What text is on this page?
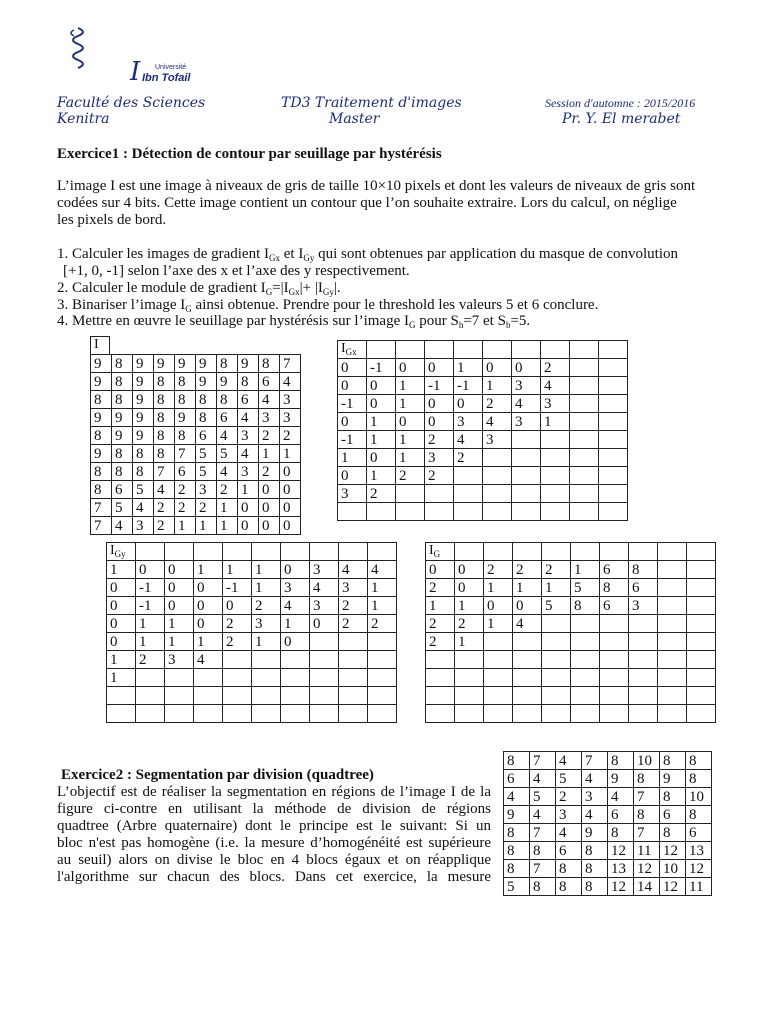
I Université
Ibn Tofail
Faculté des Sciences
Kenitra
TD3 Traitement d'images
Master
Session d'automne : 2015/2016
Pr. Y. El merabet
Exercice1 : Détection de contour par seuillage par hystérésis
L’image I est une image à niveaux de gris de taille 10×10 pixels et dont les valeurs de niveaux de gris sont codées sur 4 bits. Cette image contient un contour que l’on souhaite extraire. Lors du calcul, on néglige les pixels de bord.
1. Calculer les images de gradient $I_{Gx}$ et $I_{Gy}$ qui sont obtenues par application du masque de convolution
[+1, 0, -1] selon l’axe des x et l’axe des y respectivement.
2. Calculer le module de gradient $I_G=|I_{Gx}|+ |I_{Gy}|$.
3. Binariser l’image $I_G$ ainsi obtenue. Prendre pour le threshold les valeurs 5 et 6 conclure.
4. Mettre en œuvre le seuillage par hystérésis sur l’image $I_G$ pour $S_h=7$ et $S_b=5$.
I
9	8	9	9	9	9	8	9	8	7
9	8	9	8	8	9	9	8	6	4
8	8	9	8	8	8	8	6	4	3
9	9	9	8	9	8	6	4	3	3
8	9	9	8	8	6	4	3	2	2
9	8	8	8	7	5	5	4	1	1
8	8	8	7	6	5	4	3	2	0
8	6	5	4	2	3	2	1	0	0
7	5	4	2	2	2	1	0	0	0
7	4	3	2	1	1	1	0	0	0
$I_{Gx}$

0	-1	0	0	1	0	0	2		
0	0	1	-1	-1	1	3	4		
-1	0	1	0	0	2	4	3		
0	1	0	0	3	4	3	1		
-1	1	1	2	4	3				
1	0	1	3	2					
0	1	2	2						
3	2								

$I_{Gy}$

1	0	0	1	1	1	0	3	4	4
0	-1	0	0	-1	1	3	4	3	1
0	-1	0	0	0	2	4	3	2	1
0	1	1	0	2	3	1	0	2	2
0	1	1	1	2	1	0			
1	2	3	4						
1									

$I_G$

0	0	2	2	2	1	6	8		
2	0	1	1	1	5	8	6		
1	1	0	0	5	8	6	3		
2	2	1	4						
2	1								

Exercice2 : Segmentation par division (quadtree)
L’objectif est de réaliser la segmentation en régions de l’image I de la
figure ci-contre en utilisant la méthode de division de régions
quadtree (Arbre quaternaire) dont le principe est le suivant: Si un
bloc n'est pas homogène (i.e. la mesure d’homogénéité est supérieure
au seuil) alors on divise le bloc en 4 blocs égaux et on réapplique
l'algorithme sur chacun des blocs. Dans cet exercice, la mesure
8	7	4	7	8	10	8	8
6	4	5	4	9	8	9	8
4	5	2	3	4	7	8	10
9	4	3	4	6	8	6	8
8	7	4	9	8	7	8	6
8	8	6	8	12	11	12	13
8	7	8	8	13	12	10	12
5	8	8	8	12	14	12	11
